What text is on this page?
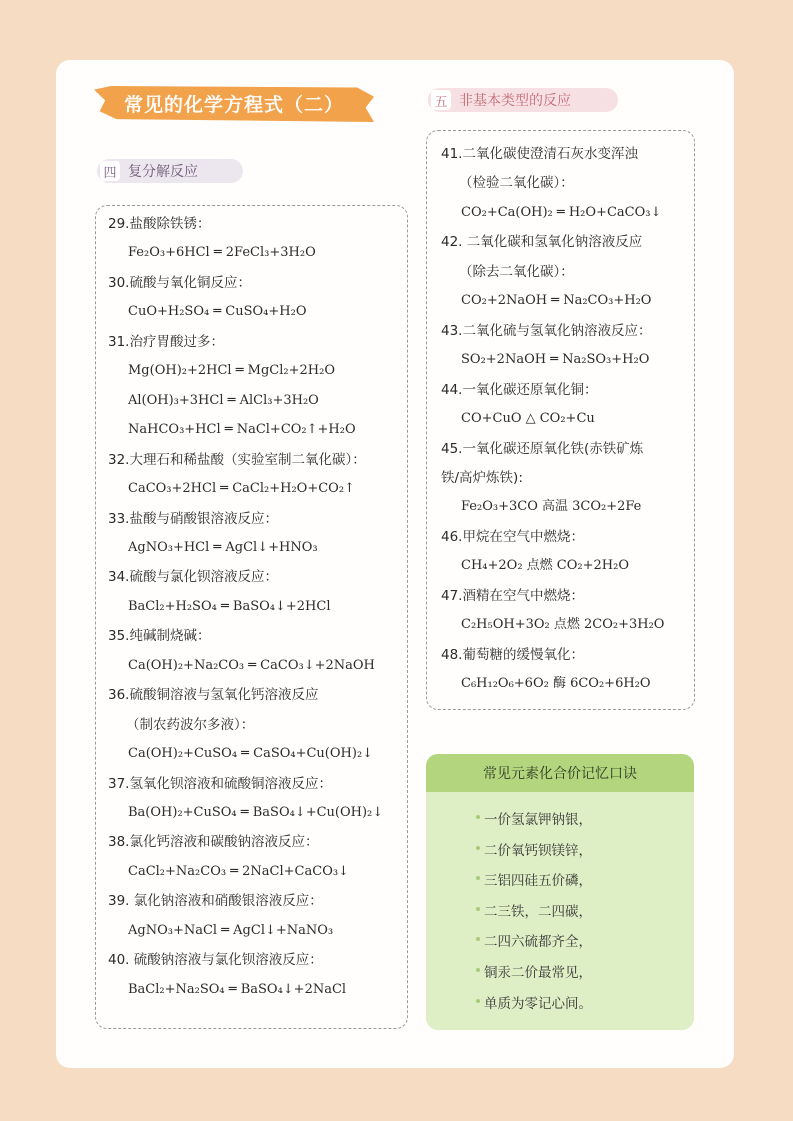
常见的化学方程式（二）
四 复分解反应
五 非基本类型的反应
29.盐酸除铁锈：
Fe₂O₃+6HCl ═ 2FeCl₃+3H₂O
30.硫酸与氧化铜反应：
CuO+H₂SO₄ ═ CuSO₄+H₂O
31.治疗胃酸过多：
Mg(OH)₂+2HCl ═ MgCl₂+2H₂O
Al(OH)₃+3HCl ═ AlCl₃+3H₂O
NaHCO₃+HCl ═ NaCl+CO₂↑+H₂O
32.大理石和稀盐酸（实验室制二氧化碳）：
CaCO₃+2HCl ═ CaCl₂+H₂O+CO₂↑
33.盐酸与硝酸银溶液反应：
AgNO₃+HCl ═ AgCl↓+HNO₃
34.硫酸与氯化钡溶液反应：
BaCl₂+H₂SO₄ ═ BaSO₄↓+2HCl
35.纯碱制烧碱：
Ca(OH)₂+Na₂CO₃ ═ CaCO₃↓+2NaOH
36.硫酸铜溶液与氢氧化钙溶液反应
（制农药波尔多液）：
Ca(OH)₂+CuSO₄ ═ CaSO₄+Cu(OH)₂↓
37.氢氧化钡溶液和硫酸铜溶液反应：
Ba(OH)₂+CuSO₄ ═ BaSO₄↓+Cu(OH)₂↓
38.氯化钙溶液和碳酸钠溶液反应：
CaCl₂+Na₂CO₃ ═ 2NaCl+CaCO₃↓
39. 氯化钠溶液和硝酸银溶液反应：
AgNO₃+NaCl ═ AgCl↓+NaNO₃
40. 硫酸钠溶液与氯化钡溶液反应：
BaCl₂+Na₂SO₄ ═ BaSO₄↓+2NaCl
41.二氧化碳使澄清石灰水变浑浊
（检验二氧化碳）：
CO₂+Ca(OH)₂ ═ H₂O+CaCO₃↓
42. 二氧化碳和氢氧化钠溶液反应
（除去二氧化碳）：
CO₂+2NaOH ═ Na₂CO₃+H₂O
43.二氧化硫与氢氧化钠溶液反应：
SO₂+2NaOH ═ Na₂SO₃+H₂O
44.一氧化碳还原氧化铜：
CO+CuO △ CO₂+Cu
45.一氧化碳还原氧化铁(赤铁矿炼
铁/高炉炼铁):
Fe₂O₃+3CO 高温 3CO₂+2Fe
46.甲烷在空气中燃烧：
CH₄+2O₂ 点燃 CO₂+2H₂O
47.酒精在空气中燃烧：
C₂H₅OH+3O₂ 点燃 2CO₂+3H₂O
48.葡萄糖的缓慢氧化：
C₆H₁₂O₆+6O₂ 酶 6CO₂+6H₂O
常见元素化合价记忆口诀
一价氢氯钾钠银，
二价氧钙钡镁锌，
三铝四硅五价磷，
二三铁，二四碳，
二四六硫都齐全，
铜汞二价最常见，
单质为零记心间。
